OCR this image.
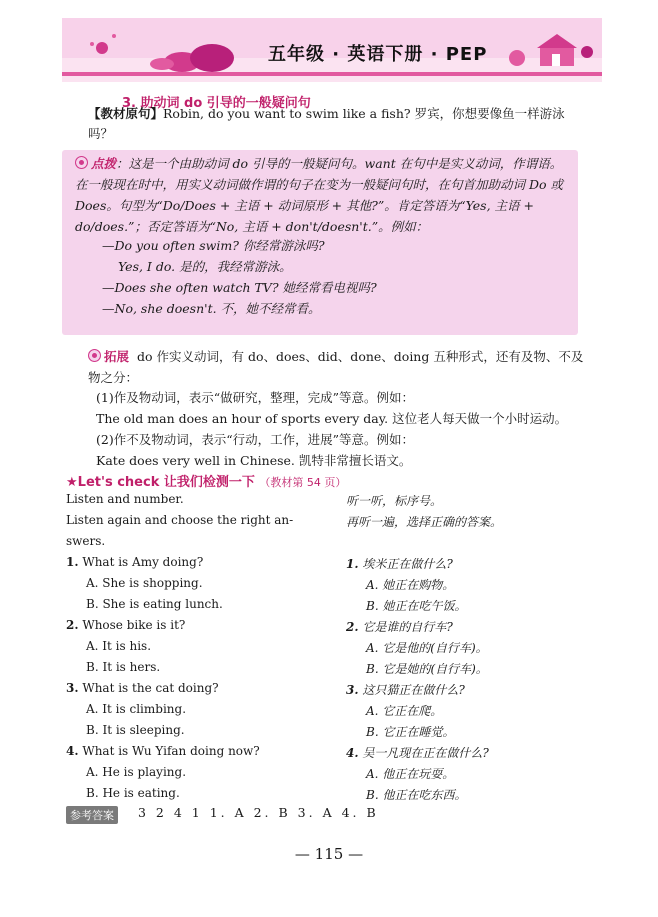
五年级 · 英语下册 · PEP
3. 助动词 do 引导的一般疑问句
【教材原句】Robin, do you want to swim like a fish? 罗宾，你想要像鱼一样游泳吗？
点拨：这是一个由助动词 do 引导的一般疑问句。want 在句中是实义动词，作谓语。在一般现在时中，用实义动词做作谓的句子在变为一般疑问句时，在句首加助动词 Do 或 Does。句型为“Do/Does + 主语 + 动词原形 + 其他?”。肯定答语为“Yes, 主语 + do/does.”；否定答语为“No, 主语 + don't/doesn't.”。例如：
—Do you often swim? 你经常游泳吗?
Yes, I do. 是的，我经常游泳。
—Does she often watch TV? 她经常看电视吗?
—No, she doesn't. 不，她不经常看。
拓展 do 作实义动词，有 do、does、did、done、doing 五种形式，还有及物、不及物之分：
(1)作及物动词，表示“做研究，整理，完成”等意。例如：
The old man does an hour of sports every day. 这位老人每天做一个小时运动。
(2)作不及物动词，表示“行动，工作，进展”等意。例如：
Kate does very well in Chinese. 凯特非常擅长语文。
★Let's check 让我们检测一下 （教材第 54 页）
Listen and number.
Listen again and choose the right an-
swers.
听一听，标序号。
再听一遍，选择正确的答案。
1. What is Amy doing?
A. She is shopping.
B. She is eating lunch.
1. 埃米正在做什么?
A. 她正在购物。
B. 她正在吃午饭。
2. Whose bike is it?
A. It is his.
B. It is hers.
2. 它是谁的自行车?
A. 它是他的(自行车)。
B. 它是她的(自行车)。
3. What is the cat doing?
A. It is climbing.
B. It is sleeping.
3. 这只猫正在做什么?
A. 它正在爬。
B. 它正在睡觉。
4. What is Wu Yifan doing now?
A. He is playing.
B. He is eating.
4. 吴一凡现在正在做什么?
A. 他正在玩耍。
B. 他正在吃东西。
参考答案	3 2 4 1 1. A 2. B 3. A 4. B
— 115 —
